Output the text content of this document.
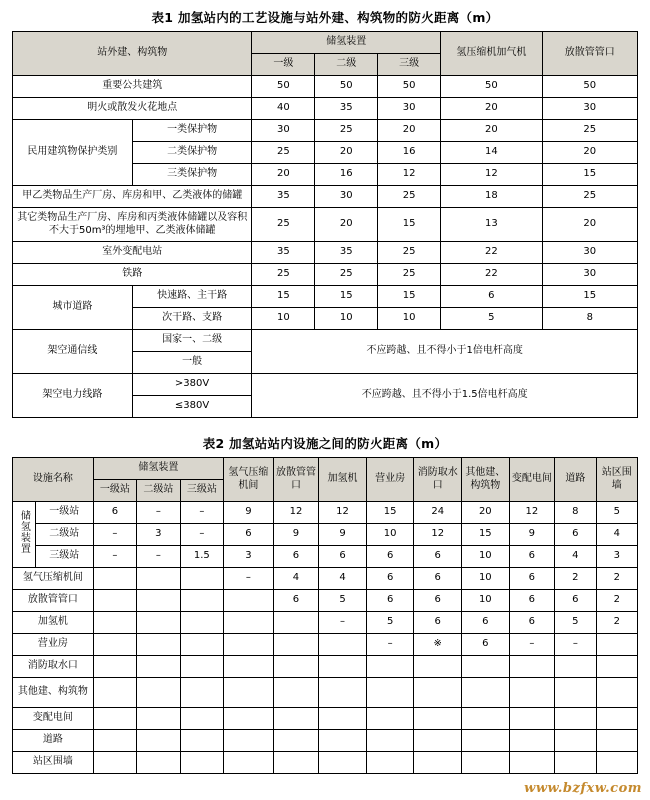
表1 加氢站内的工艺设施与站外建、构筑物的防火距离（m）
站外建、构筑物		储氢装置			氢压缩机加气机	放散管管口
		一级	二级	三级		
重要公共建筑		50	50	50	50	50
明火或散发火花地点		40	35	30	20	30
民用建筑物保护类别	一类保护物	30	25	20	20	25
	二类保护物	25	20	16	14	20
	三类保护物	20	16	12	12	15
甲乙类物品生产厂房、库房和甲、乙类液体的储罐		35	30	25	18	25
其它类物品生产厂房、库房和丙类液体储罐以及容积不大于50m³的埋地甲、乙类液体储罐		25	20	15	13	20
室外变配电站		35	35	25	22	30
铁路		25	25	25	22	30
城市道路	快速路、主干路	15	15	15	6	15
	次干路、支路	10	10	10	5	8
架空通信线	国家一、二级	不应跨越、且不得小于1倍电杆高度				
	一般					
架空电力线路	>380V	不应跨越、且不得小于1.5倍电杆高度				
	≤380V					
表2 加氢站站内设施之间的防火距离（m）
设施名称		储氢装置			氢气压缩机间	放散管管口	加氢机	营业房	消防取水口	其他建、构筑物	变配电间	道路	站区围墙
		一级站	二级站	三级站									
储氢装置	一级站	6	–	–	9	12	12	15	24	20	12	8	5
	二级站	–	3	–	6	9	9	10	12	15	9	6	4
	三级站	–	–	1.5	3	6	6	6	6	10	6	4	3
氢气压缩机间					–	4	4	6	6	10	6	2	2
放散管管口						6	5	6	6	10	6	6	2
加氢机							–	5	6	6	6	5	2
营业房								–	※	6	–	–	
消防取水口													
其他建、构筑物													
变配电间													
道路													
站区围墙													
www.bzfxw.com
